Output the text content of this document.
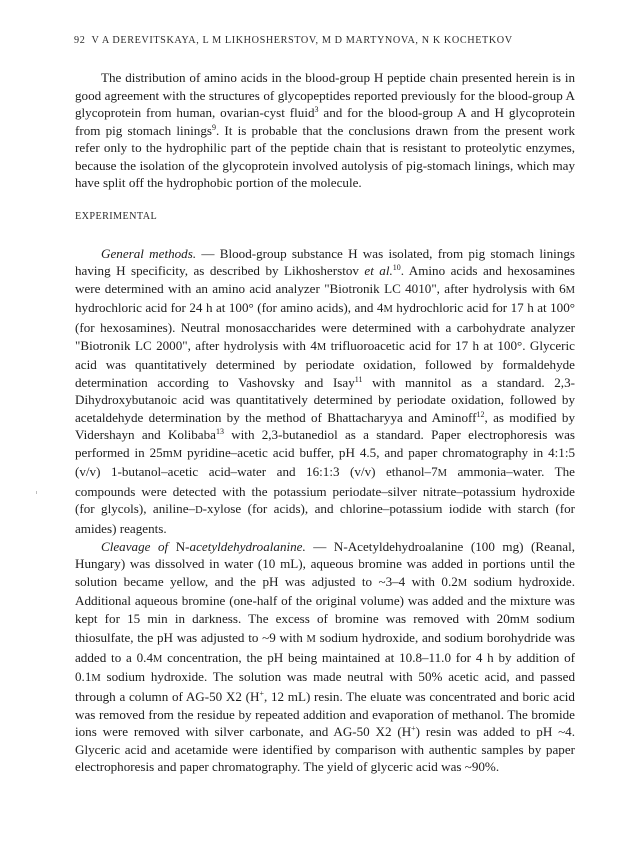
92 V A DEREVITSKAYA, L M LIKHOSHERSTOV, M D MARTYNOVA, N K KOCHETKOV

The distribution of amino acids in the blood-group H peptide chain presented herein is in good agreement with the structures of glycopeptides reported previously for the blood-group A glycoprotein from human, ovarian-cyst fluid$^3$ and for the blood-group A and H glycoprotein from pig stomach linings$^9$. It is probable that the conclusions drawn from the present work refer only to the hydrophilic part of the peptide chain that is resistant to proteolytic enzymes, because the isolation of the glycoprotein involved autolysis of pig-stomach linings, which may have split off the hydrophobic portion of the molecule.

EXPERIMENTAL

General methods. — Blood-group substance H was isolated, from pig stomach linings having H specificity, as described by Likhosherstov et al.$^{10}$. Amino acids and hexosamines were determined with an amino acid analyzer "Biotronik LC 4010", after hydrolysis with 6M hydrochloric acid for 24 h at 100° (for amino acids), and 4M hydrochloric acid for 17 h at 100° (for hexosamines). Neutral monosaccharides were determined with a carbohydrate analyzer "Biotronik LC 2000", after hydrolysis with 4M trifluoroacetic acid for 17 h at 100°. Glyceric acid was quantitatively determined by periodate oxidation, followed by formaldehyde determination according to Vashovsky and Isay$^{11}$ with mannitol as a standard. 2,3-Dihydroxybutanoic acid was quantitatively determined by periodate oxidation, followed by acetaldehyde determination by the method of Bhattacharyya and Aminoff$^{12}$, as modified by Vidershayn and Kolibaba$^{13}$ with 2,3-butanediol as a standard. Paper electrophoresis was performed in 25mM pyridine–acetic acid buffer, pH 4.5, and paper chromatography in 4:1:5 (v/v) 1-butanol–acetic acid–water and 16:1:3 (v/v) ethanol–7M ammonia–water. The compounds were detected with the potassium periodate–silver nitrate–potassium hydroxide (for glycols), aniline–D-xylose (for acids), and chlorine–potassium iodide with starch (for amides) reagents.

Cleavage of N-acetyldehydroalanine. — N-Acetyldehydroalanine (100 mg) (Reanal, Hungary) was dissolved in water (10 mL), aqueous bromine was added in portions until the solution became yellow, and the pH was adjusted to ~3–4 with 0.2M sodium hydroxide. Additional aqueous bromine (one-half of the original volume) was added and the mixture was kept for 15 min in darkness. The excess of bromine was removed with 20mM sodium thiosulfate, the pH was adjusted to ~9 with M sodium hydroxide, and sodium borohydride was added to a 0.4M concentration, the pH being maintained at 10.8–11.0 for 4 h by addition of 0.1M sodium hydroxide. The solution was made neutral with 50% acetic acid, and passed through a column of AG-50 X2 (H+, 12 mL) resin. The eluate was concentrated and boric acid was removed from the residue by repeated addition and evaporation of methanol. The bromide ions were removed with silver carbonate, and AG-50 X2 (H+) resin was added to pH ~4. Glyceric acid and acetamide were identified by comparison with authentic samples by paper electrophoresis and paper chromatography. The yield of glyceric acid was ~90%.
